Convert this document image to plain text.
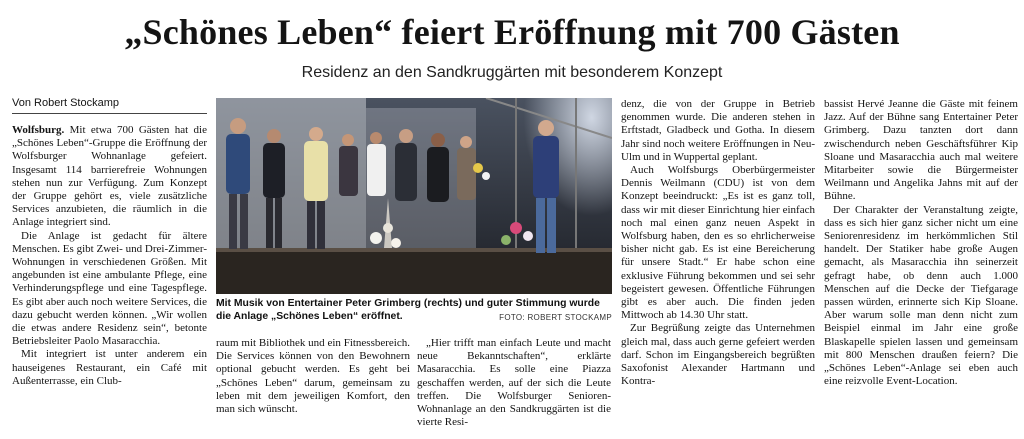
„Schönes Leben“ feiert Eröffnung mit 700 Gästen
Residenz an den Sandkruggärten mit besonderem Konzept
Von Robert Stockamp

Wolfsburg. Mit etwa 700 Gästen hat die „Schönes Leben“-Gruppe die Eröffnung der Wolfsburger Wohnanlage gefeiert. Insgesamt 114 barrierefreie Wohnungen stehen nun zur Verfügung. Zum Konzept der Gruppe gehört es, viele zusätzliche Services anzubieten, die räumlich in die Anlage integriert sind.

Die Anlage ist gedacht für ältere Menschen. Es gibt Zwei- und Drei-Zimmer-Wohnungen in verschiedenen Größen. Mit angebunden ist eine ambulante Pflege, eine Verhinderungspflege und eine Tagespflege. Es gibt aber auch noch weitere Services, die dazu gebucht werden können. „Wir wollen die etwas andere Residenz sein“, betonte Betriebsleiter Paolo Masaracchia.

Mit integriert ist unter anderem ein hauseigenes Restaurant, ein Café mit Außenterrasse, ein Club-

Mit Musik von Entertainer Peter Grimberg (rechts) und guter Stimmung wurde die Anlage „Schönes Leben“ eröffnet.	FOTO: ROBERT STOCKAMP

raum mit Bibliothek und ein Fitnessbereich. Die Services können von den Bewohnern optional gebucht werden. Es geht bei „Schönes Leben“ darum, gemeinsam zu leben mit dem jeweiligen Komfort, den man sich wünscht.

„Hier trifft man einfach Leute und macht neue Bekanntschaften“, erklärte Masaracchia. Es solle eine Piazza geschaffen werden, auf der sich die Leute treffen. Die Wolfsburger Senioren-Wohnanlage an den Sandkruggärten ist die vierte Resi-

denz, die von der Gruppe in Betrieb genommen wurde. Die anderen stehen in Erftstadt, Gladbeck und Gotha. In diesem Jahr sind noch weitere Eröffnungen in Neu-Ulm und in Wuppertal geplant.

Auch Wolfsburgs Oberbürgermeister Dennis Weilmann (CDU) ist von dem Konzept beeindruckt: „Es ist es ganz toll, dass wir mit dieser Einrichtung hier einfach noch mal einen ganz neuen Aspekt in Wolfsburg haben, den es so ehrlicherweise bisher nicht gab. Es ist eine Bereicherung für unsere Stadt.“ Er habe schon eine exklusive Führung bekommen und sei sehr begeistert gewesen. Öffentliche Führungen gibt es aber auch. Die finden jeden Mittwoch ab 14.30 Uhr statt.

Zur Begrüßung zeigte das Unternehmen gleich mal, dass auch gerne gefeiert werden darf. Schon im Eingangsbereich begrüßten Saxofonist Alexander Hartmann und Kontra-

bassist Hervé Jeanne die Gäste mit feinem Jazz. Auf der Bühne sang Entertainer Peter Grimberg. Dazu tanzten dort dann zwischendurch neben Geschäftsführer Kip Sloane und Masaracchia auch mal weitere Mitarbeiter sowie die Bürgermeister Weilmann und Angelika Jahns mit auf der Bühne.

Der Charakter der Veranstaltung zeigte, dass es sich hier ganz sicher nicht um eine Seniorenresidenz im herkömmlichen Stil handelt. Der Statiker habe große Augen gemacht, als Masaracchia ihn seinerzeit gefragt habe, ob denn auch 1.000 Menschen auf die Decke der Tiefgarage passen würden, erinnerte sich Kip Sloane. Aber warum solle man denn nicht zum Beispiel einmal im Jahr eine große Blaskapelle spielen lassen und gemeinsam mit 800 Menschen draußen feiern? Die „Schönes Leben“-Anlage sei eben auch eine reizvolle Event-Location.
